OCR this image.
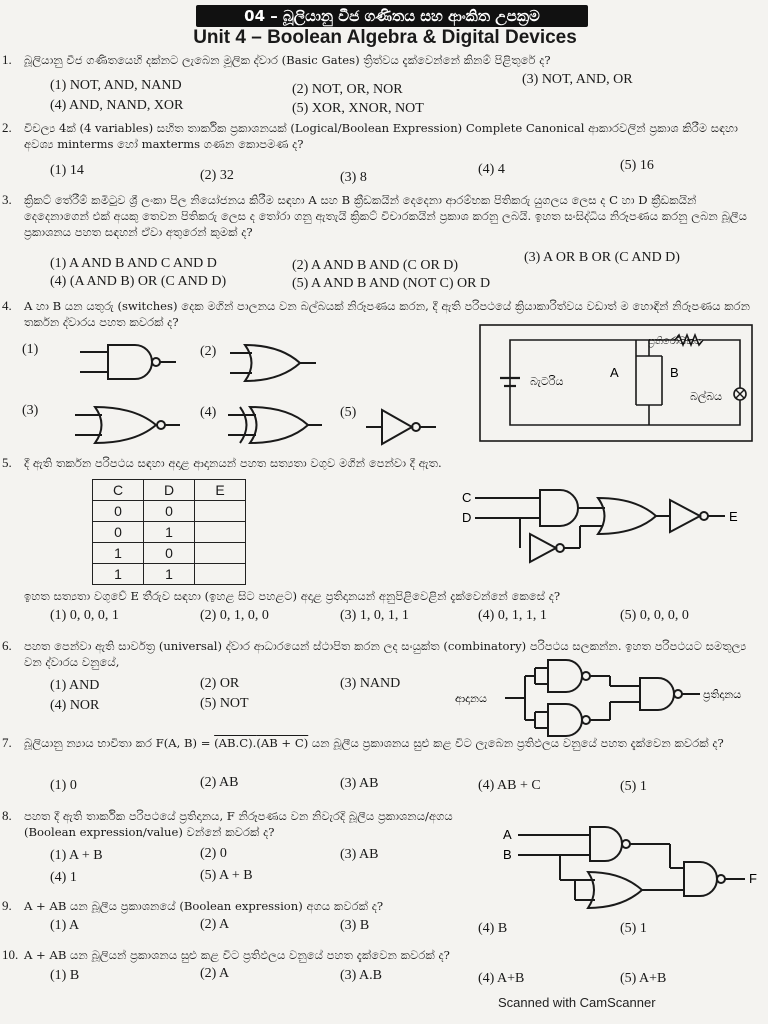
04 – බූලියානු වීජ ගණිතය සහ ආංකිත උපක්‍රම
Unit 4 – Boolean Algebra & Digital Devices
1. බූලියානු වීජ ගණිතයෙහි දක්නට ලැබෙන මූලික ද්වාර (Basic Gates) ත්‍රිත්වය දැක්වෙන්නේ කිනම් පිළිතුරේ ද?
(1) NOT, AND, NAND	(2) NOT, OR, NOR
(3) NOT, AND, OR
(4) AND, NAND, XOR	(5) XOR, XNOR, NOT
2. විචල්‍ය 4ක් (4 variables) සහිත තාර්කික ප්‍රකාශනයක් (Logical/Boolean Expression) Complete Canonical ආකාරවලින් ප්‍රකාශ කිරීම සඳහා අවශ්‍ය minterms හෝ maxterms ගණන කොපමණ ද?
(1) 14	(2) 32	(3) 8
(4) 4	(5) 16
3. ක්‍රිකට් තේරීම් කමිටුව ශ්‍රී ලංකා පිල නියෝජනය කිරීම සඳහා A සහ B ක්‍රීඩකයින් දෙදෙනා ආරම්භක පිතිකරු යුගලය ලෙස ද C හා D ක්‍රීඩකයින් දෙදෙනාගෙන් එක් අයකු තෙවන පිතිකරු ලෙස ද තෝරා ගනු ඇතැයි ක්‍රිකට් විචාරකයින් ප්‍රකාශ කරනු ලබයි. ඉහත සංසිද්ධිය නිරූපණය කරනු ලබන බූලීය ප්‍රකාශනය පහත සඳහන් ඒවා අතුරෙන් කුමක් ද?
(1) A AND B AND C AND D	(2) A AND B AND (C OR D)
(3) A OR B OR (C AND D)
(4) (A AND B) OR (C AND D)	(5) A AND B AND (NOT C) OR D
4. A හා B යන යතුරු (switches) දෙක මගින් පාලනය වන බල්බයක් නිරූපණය කරන, දී ඇති පරිපථයේ ක්‍රියාකාරිත්වය වඩාත් ම හොඳින් නිරූපණය කරන තර්කන ද්වාරය පහත කවරක් ද?
(1)	(2)
(3)	(4)	(5)
ප්‍රතිරෝධකය
බැටරිය
බල්බය
A	B
C
D	E
ආදානය	ප්‍රතිදානය
A
B
F
5. දී ඇති තර්කන පරිපථය සඳහා අදාළ ආදානයන් පහත සත්‍යතා වගුව මගින් පෙන්වා දී ඇත.
C	D	E
0	0	
0	1	
1	0	
1	1	
ඉහත සත්‍යතා වගුවේ E තීරුව සඳහා (ඉහළ සිට පහළට) අදාළ ප්‍රතිදානයන් අනුපිළිවෙළින් දැක්වෙන්නේ කෙසේ ද?
(1) 0, 0, 0, 1	(2) 0, 1, 0, 0	(3) 1, 0, 1, 1	(4) 0, 1, 1, 1	(5) 0, 0, 0, 0
6. පහත පෙන්වා ඇති සාර්වත්‍ර (universal) ද්වාර ආධාරයෙන් ස්ථාපිත කරන ලද සංයුක්ත (combinatory) පරිපථය සලකන්න. ඉහත පරිපථයට සමතුල්‍ය වන ද්වාරය වනුයේ,
(1) AND	(2) OR	(3) NAND
(4) NOR	(5) NOT
7. බූලියානු න්‍යාය භාවිතා කර F(A, B) = (AB.C).(AB + C) යන බූලීය ප්‍රකාශනය සුළු කළ විට ලැබෙන ප්‍රතිඵලය වනුයේ පහත දැක්වෙන කවරක් ද?
(1) 0	(2) AB	(3) AB	(4) AB + C	(5) 1
8. පහත දී ඇති තාර්කික පරිපථයේ ප්‍රතිදානය, F නිරූපණය වන නිවැරදි බූලීය ප්‍රකාශනය/අගය (Boolean expression/value) වන්නේ කවරක් ද?
(1) A + B	(2) 0	(3) AB
(4) 1	(5) A + B
9. A + AB යන බූලීය ප්‍රකාශනයේ (Boolean expression) අගය කවරක් ද?
(1) A	(2) A	(3) B	(4) B	(5) 1
10. A + AB යන බූලියන් ප්‍රකාශනය සුළු කළ විට ප්‍රතිඵලය වනුයේ පහත දැක්වෙන කවරක් ද?
(1) B	(2) A	(3) A.B	(4) A+B	(5) A+B
Scanned with CamScanner
